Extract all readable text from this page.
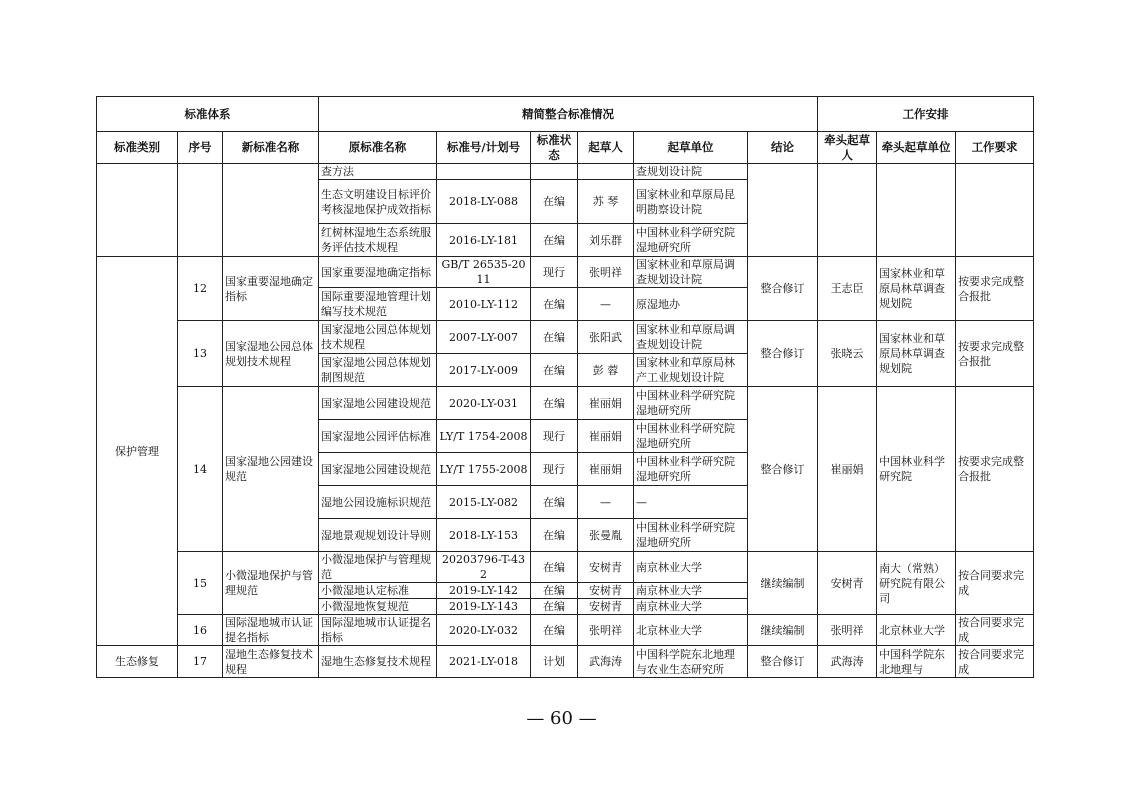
标准体系			精简整合标准情况						工作安排		
标准类别	序号	新标准名称	原标准名称	标准号/计划号	标准状态	起草人	起草单位	结论	牵头起草人	牵头起草单位	工作要求
			查方法				查规划设计院				
			生态文明建设目标评价考核湿地保护成效指标	2018-LY-088	在编	苏 琴	国家林业和草原局昆明勘察设计院				
			红树林湿地生态系统服务评估技术规程	2016-LY-181	在编	刘乐群	中国林业科学研究院湿地研究所				
保护管理	12	国家重要湿地确定指标	国家重要湿地确定指标	GB/T 26535-2011	现行	张明祥	国家林业和草原局调查规划设计院	整合修订	王志臣	国家林业和草原局林草调查规划院	按要求完成整合报批
			国际重要湿地管理计划编写技术规范	2010-LY-112	在编	—	原湿地办				
	13	国家湿地公园总体规划技术规程	国家湿地公园总体规划技术规程	2007-LY-007	在编	张阳武	国家林业和草原局调查规划设计院	整合修订	张晓云	国家林业和草原局林草调查规划院	按要求完成整合报批
			国家湿地公园总体规划制图规范	2017-LY-009	在编	彭 蓉	国家林业和草原局林产工业规划设计院				
	14	国家湿地公园建设规范	国家湿地公园建设规范	2020-LY-031	在编	崔丽娟	中国林业科学研究院湿地研究所	整合修订	崔丽娟	中国林业科学研究院	按要求完成整合报批
			国家湿地公园评估标准	LY/T 1754-2008	现行	崔丽娟	中国林业科学研究院湿地研究所				
			国家湿地公园建设规范	LY/T 1755-2008	现行	崔丽娟	中国林业科学研究院湿地研究所				
			湿地公园设施标识规范	2015-LY-082	在编	—	—				
			湿地景观规划设计导则	2018-LY-153	在编	张曼胤	中国林业科学研究院湿地研究所				
	15	小微湿地保护与管理规范	小微湿地保护与管理规范	20203796-T-432	在编	安树青	南京林业大学	继续编制	安树青	南大（常熟）研究院有限公司	按合同要求完成
			小微湿地认定标准	2019-LY-142	在编	安树青	南京林业大学				
			小微湿地恢复规范	2019-LY-143	在编	安树青	南京林业大学				
	16	国际湿地城市认证提名指标	国际湿地城市认证提名指标	2020-LY-032	在编	张明祥	北京林业大学	继续编制	张明祥	北京林业大学	按合同要求完成
生态修复	17	湿地生态修复技术规程	湿地生态修复技术规程	2021-LY-018	计划	武海涛	中国科学院东北地理与农业生态研究所	整合修订	武海涛	中国科学院东北地理与	按合同要求完成
— 60 —
